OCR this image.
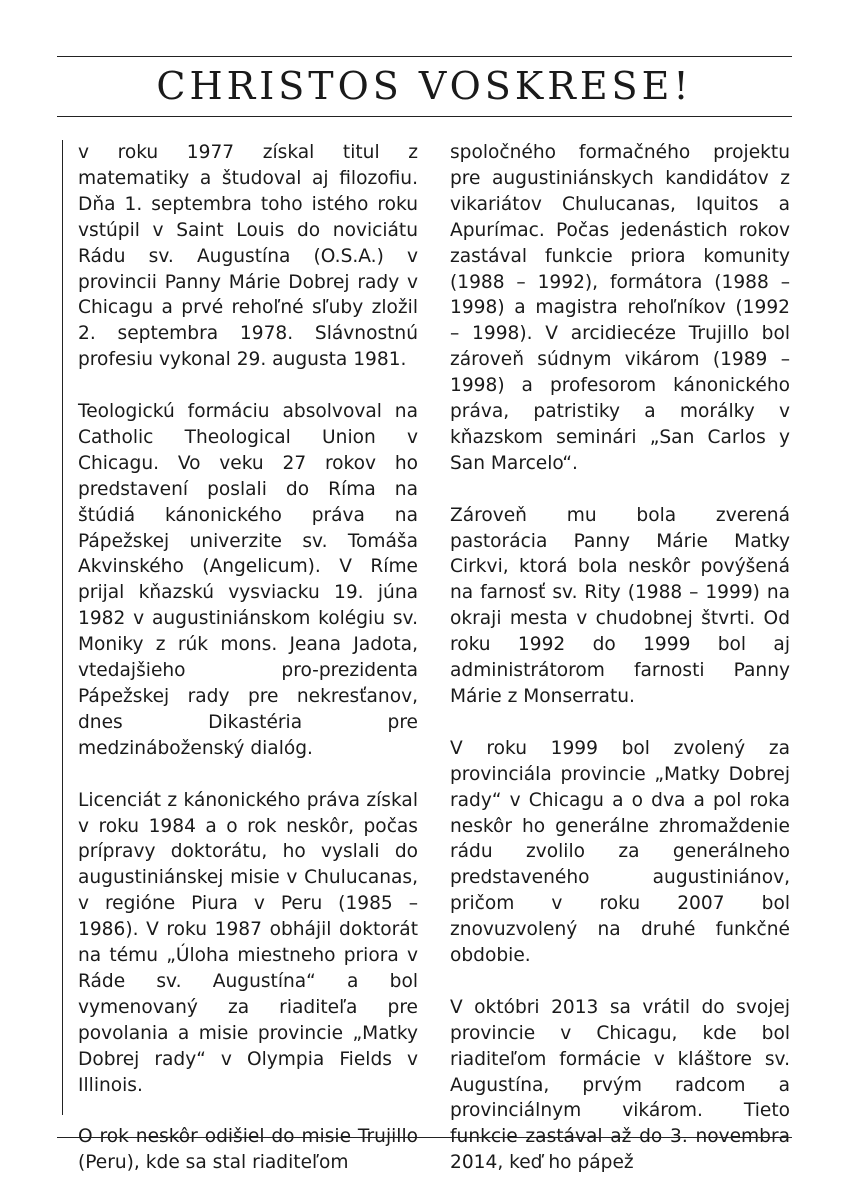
CHRISTOS VOSKRESE!

v roku 1977 získal titul z matematiky a študoval aj filozofiu. Dňa 1. septembra toho istého roku vstúpil v Saint Louis do noviciátu Rádu sv. Augustína (O.S.A.) v provincii Panny Márie Dobrej rady v Chicagu a prvé rehoľné sľuby zložil 2. septembra 1978. Slávnostnú profesiu vykonal 29. augusta 1981.

Teologickú formáciu absolvoval na Catholic Theological Union v Chicagu. Vo veku 27 rokov ho predstavení poslali do Ríma na štúdiá kánonického práva na Pápežskej univerzite sv. Tomáša Akvinského (Angelicum). V Ríme prijal kňazskú vysviacku 19. júna 1982 v augustiniánskom kolégiu sv. Moniky z rúk mons. Jeana Jadota, vtedajšieho pro-prezidenta Pápežskej rady pre nekresťanov, dnes Dikastéria pre medzináboženský dialóg.

Licenciát z kánonického práva získal v roku 1984 a o rok neskôr, počas prípravy doktorátu, ho vyslali do augustiniánskej misie v Chulucanas, v regióne Piura v Peru (1985 – 1986). V roku 1987 obhájil doktorát na tému „Úloha miestneho priora v Ráde sv. Augustína“ a bol vymenovaný za riaditeľa pre povolania a misie provincie „Matky Dobrej rady“ v Olympia Fields v Illinois.

O rok neskôr odišiel do misie Trujillo (Peru), kde sa stal riaditeľom

spoločného formačného projektu pre augustiniánskych kandidátov z vikariátov Chulucanas, Iquitos a Apurímac. Počas jedenástich rokov zastával funkcie priora komunity (1988 – 1992), formátora (1988 – 1998) a magistra rehoľníkov (1992 – 1998). V arcidiecéze Trujillo bol zároveň súdnym vikárom (1989 – 1998) a profesorom kánonického práva, patristiky a morálky v kňazskom seminári „San Carlos y San Marcelo“.

Zároveň mu bola zverená pastorácia Panny Márie Matky Cirkvi, ktorá bola neskôr povýšená na farnosť sv. Rity (1988 – 1999) na okraji mesta v chudobnej štvrti. Od roku 1992 do 1999 bol aj administrátorom farnosti Panny Márie z Monserratu.

V roku 1999 bol zvolený za provinciála provincie „Matky Dobrej rady“ v Chicagu a o dva a pol roka neskôr ho generálne zhromaždenie rádu zvolilo za generálneho predstaveného augustiniánov, pričom v roku 2007 bol znovuzvolený na druhé funkčné obdobie.

V októbri 2013 sa vrátil do svojej provincie v Chicagu, kde bol riaditeľom formácie v kláštore sv. Augustína, prvým radcom a provinciálnym vikárom. Tieto funkcie zastával až do 3. novembra 2014, keď ho pápež
